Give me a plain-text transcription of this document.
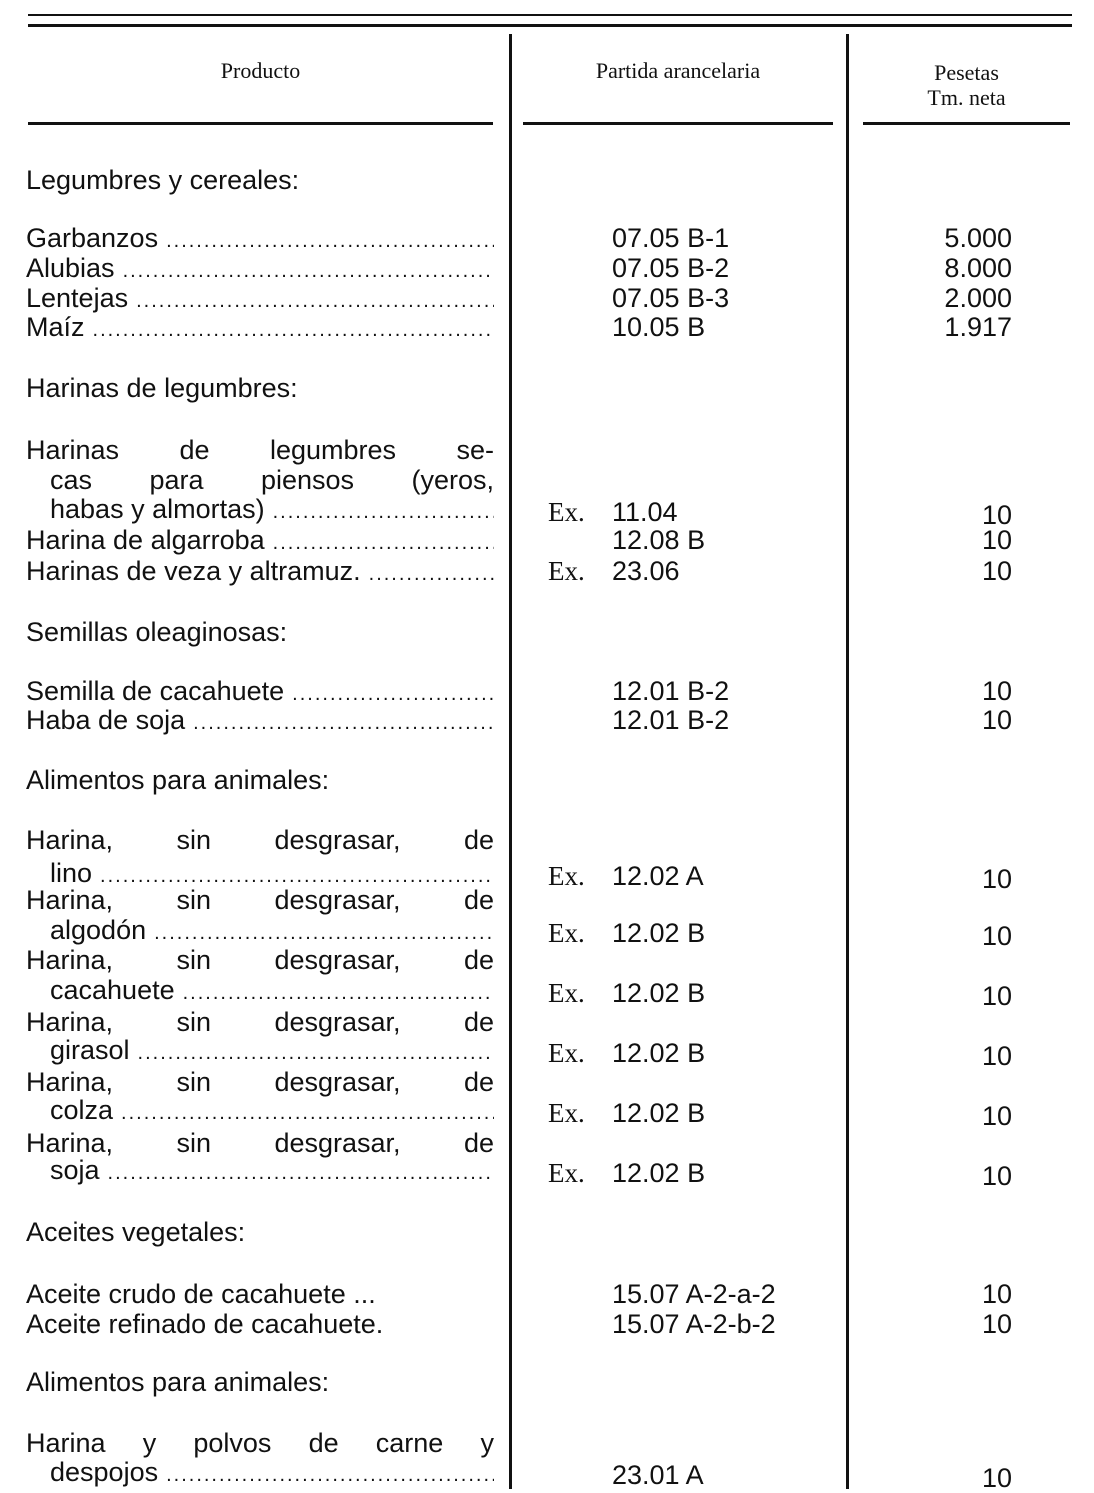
Producto	Partida arancelaria	Pesetas
Tm. neta
Legumbres y cereales:
Garbanzos .....	07.05 B-1	5.000
Alubias .....	07.05 B-2	8.000
Lentejas .....	07.05 B-3	2.000
Maíz .....	10.05 B	1.917
Harinas de legumbres:
Harinas de legumbres se-
cas para piensos (yeros,
habas y almortas) .....	Ex. 11.04	10
Harina de algarroba .....	12.08 B	10
Harinas de veza y altramuz. .....	Ex. 23.06	10
Semillas oleaginosas:
Semilla de cacahuete .....	12.01 B-2	10
Haba de soja .....	12.01 B-2	10
Alimentos para animales:
Harina, sin desgrasar, de
lino .....	Ex. 12.02 A	10
Harina, sin desgrasar, de
algodón .....	Ex. 12.02 B	10
Harina, sin desgrasar, de
cacahuete .....	Ex. 12.02 B	10
Harina, sin desgrasar, de
girasol .....	Ex. 12.02 B	10
Harina, sin desgrasar, de
colza .....	Ex. 12.02 B	10
Harina, sin desgrasar, de
soja .....	Ex. 12.02 B	10
Aceites vegetales:
Aceite crudo de cacahuete ...	15.07 A-2-a-2	10
Aceite refinado de cacahuete.	15.07 A-2-b-2	10
Alimentos para animales:
Harina y polvos de carne y
despojos .....	23.01 A	10
